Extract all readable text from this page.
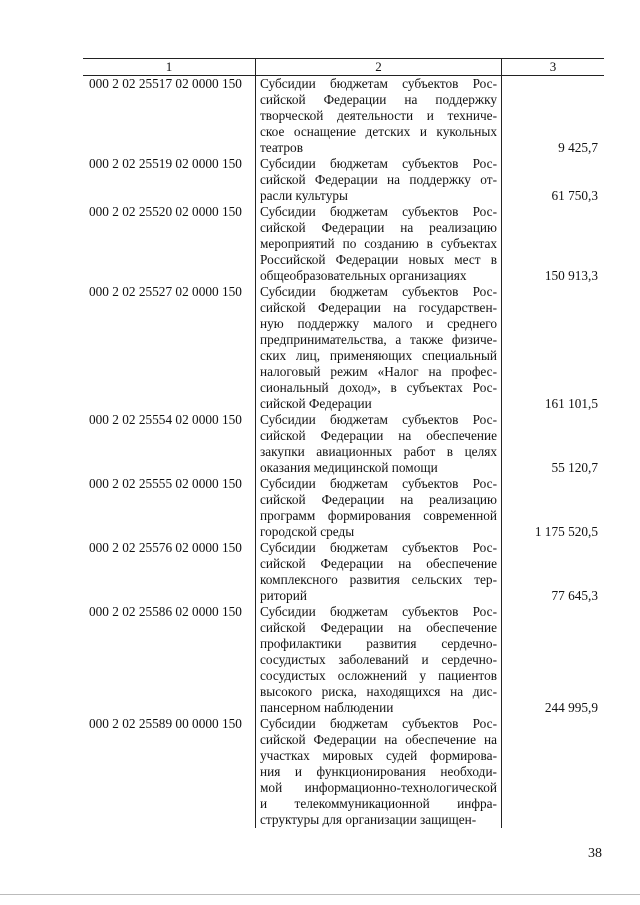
1	2	3
000 2 02 25517 02 0000 150	Субсидии бюджетам субъектов Рос-
сийской Федерации на поддержку
творческой деятельности и техниче-
ское оснащение детских и кукольных
театров	9 425,7
000 2 02 25519 02 0000 150	Субсидии бюджетам субъектов Рос-
сийской Федерации на поддержку от-
расли культуры	61 750,3
000 2 02 25520 02 0000 150	Субсидии бюджетам субъектов Рос-
сийской Федерации на реализацию
мероприятий по созданию в субъектах
Российской Федерации новых мест в
общеобразовательных организациях	150 913,3
000 2 02 25527 02 0000 150	Субсидии бюджетам субъектов Рос-
сийской Федерации на государствен-
ную поддержку малого и среднего
предпринимательства, а также физиче-
ских лиц, применяющих специальный
налоговый режим «Налог на профес-
сиональный доход», в субъектах Рос-
сийской Федерации	161 101,5
000 2 02 25554 02 0000 150	Субсидии бюджетам субъектов Рос-
сийской Федерации на обеспечение
закупки авиационных работ в целях
оказания медицинской помощи	55 120,7
000 2 02 25555 02 0000 150	Субсидии бюджетам субъектов Рос-
сийской Федерации на реализацию
программ формирования современной
городской среды	1 175 520,5
000 2 02 25576 02 0000 150	Субсидии бюджетам субъектов Рос-
сийской Федерации на обеспечение
комплексного развития сельских тер-
риторий	77 645,3
000 2 02 25586 02 0000 150	Субсидии бюджетам субъектов Рос-
сийской Федерации на обеспечение
профилактики развития сердечно-
сосудистых заболеваний и сердечно-
сосудистых осложнений у пациентов
высокого риска, находящихся на дис-
пансерном наблюдении	244 995,9
000 2 02 25589 00 0000 150	Субсидии бюджетам субъектов Рос-
сийской Федерации на обеспечение на
участках мировых судей формирова-
ния и функционирования необходи-
мой информационно-технологической
и телекоммуникационной инфра-
структуры для организации защищен-
38
